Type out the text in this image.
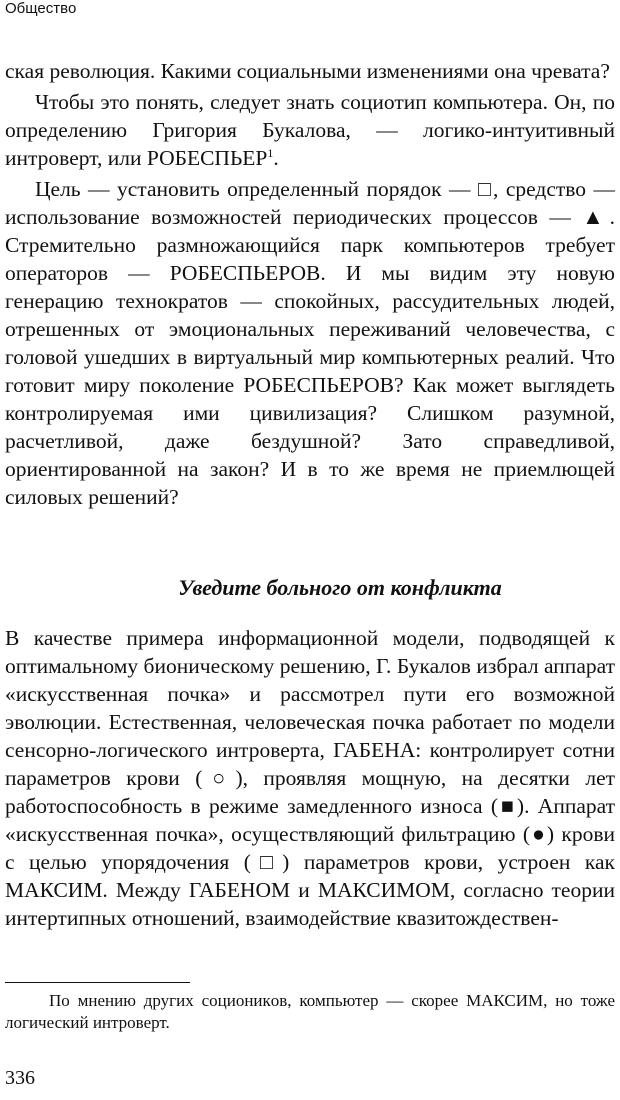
Общество

ская революция. Какими социальными изменениями она чревата?

Чтобы это понять, следует знать социотип компьютера. Он, по определению Григория Букалова, — логико-интуитивный интроверт, или РОБЕСПЬЕР$^1$.

Цель — установить определенный порядок — □, средство — использование возможностей периодических процессов — ▲. Стремительно размножающийся парк компьютеров требует операторов — РОБЕСПЬЕРОВ. И мы видим эту новую генерацию технократов — спокойных, рассудительных людей, отрешенных от эмоциональных переживаний человечества, с головой ушедших в виртуальный мир компьютерных реалий. Что готовит миру поколение РОБЕСПЬЕРОВ? Как может выглядеть контролируемая ими цивилизация? Слишком разумной, расчетливой, даже бездушной? Зато справедливой, ориентированной на закон? И в то же время не приемлющей силовых решений?

Уведите больного от конфликта

В качестве примера информационной модели, подводящей к оптимальному бионическому решению, Г. Букалов избрал аппарат «искусственная почка» и рассмотрел пути его возможной эволюции. Естественная, человеческая почка работает по модели сенсорно-логического интроверта, ГАБЕНА: контролирует сотни параметров крови (○), проявляя мощную, на десятки лет работоспособность в режиме замедленного износа (■). Аппарат «искусственная почка», осуществляющий фильтрацию (●) крови с целью упорядочения (□) параметров крови, устроен как МАКСИМ. Между ГАБЕНОМ и МАКСИМОМ, согласно теории интертипных отношений, взаимодействие квазитождествен-

По мнению других соционикoв, компьютер — скорее МАКСИМ, но тоже логический интроверт.

336
